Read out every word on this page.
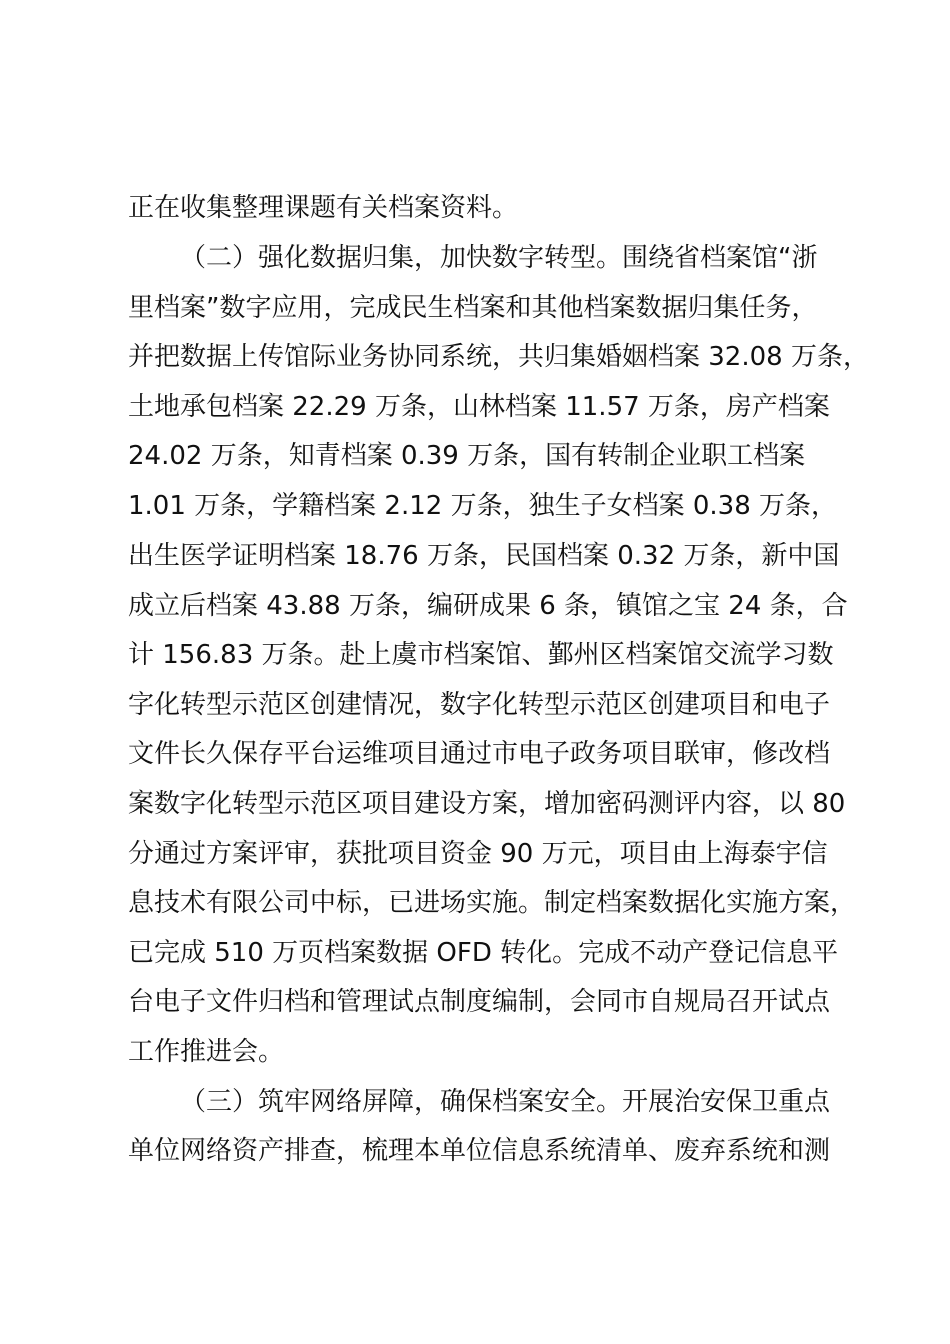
正在收集整理课题有关档案资料。
（二）强化数据归集，加快数字转型。围绕省档案馆“浙
里档案”数字应用，完成民生档案和其他档案数据归集任务，
并把数据上传馆际业务协同系统，共归集婚姻档案 32.08 万条，
土地承包档案 22.29 万条，山林档案 11.57 万条，房产档案
24.02 万条，知青档案 0.39 万条，国有转制企业职工档案
1.01 万条，学籍档案 2.12 万条，独生子女档案 0.38 万条，
出生医学证明档案 18.76 万条，民国档案 0.32 万条，新中国
成立后档案 43.88 万条，编研成果 6 条，镇馆之宝 24 条，合
计 156.83 万条。赴上虞市档案馆、鄞州区档案馆交流学习数
字化转型示范区创建情况，数字化转型示范区创建项目和电子
文件长久保存平台运维项目通过市电子政务项目联审，修改档
案数字化转型示范区项目建设方案，增加密码测评内容，以 80
分通过方案评审，获批项目资金 90 万元，项目由上海泰宇信
息技术有限公司中标，已进场实施。制定档案数据化实施方案，
已完成 510 万页档案数据 OFD 转化。完成不动产登记信息平
台电子文件归档和管理试点制度编制，会同市自规局召开试点
工作推进会。
（三）筑牢网络屏障，确保档案安全。开展治安保卫重点
单位网络资产排查，梳理本单位信息系统清单、废弃系统和测
